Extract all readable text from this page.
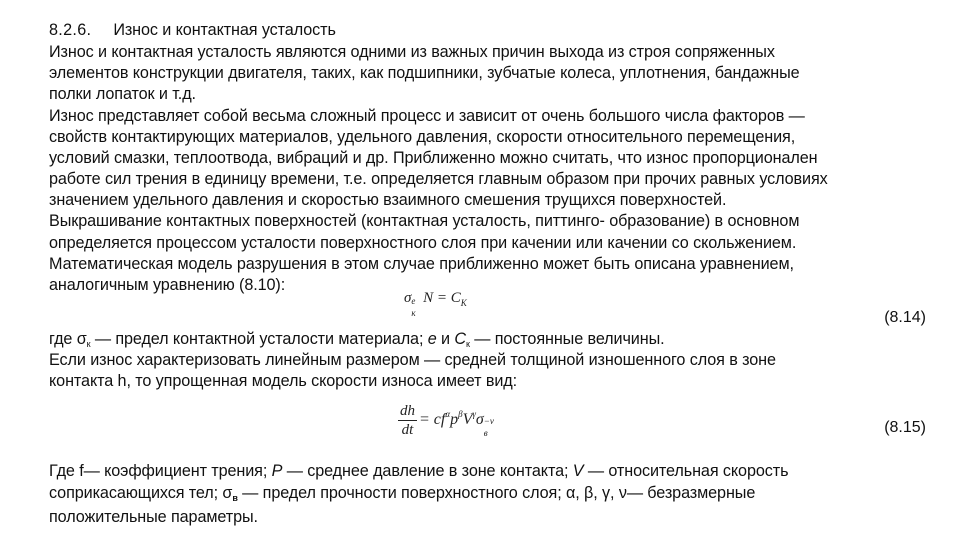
8.2.6. Износ и контактная усталость
Износ и контактная усталость являются одними из важных причин выхода из строя сопряженных
элементов конструкции двигателя, таких, как подшипники, зубчатые колеса, уплотнения, бандажные
полки лопаток и т.д.
Износ представляет собой весьма сложный процесс и зависит от очень большого числа факторов —
свойств контактирующих материалов, удельного давления, скорости относительного перемещения,
условий смазки, теплоотвода, вибраций и др. Приближенно можно считать, что износ пропорционален
работе сил трения в единицу времени, т.е. определяется главным образом при прочих равных условиях
значением удельного давления и скоростью взаимного смешения трущихся поверхностей.
Выкрашивание контактных поверхностей (контактная усталость, питтинго- образование) в основном
определяется процессом усталости поверхностного слоя при качении или качении со скольжением.
Математическая модель разрушения в этом случае приближенно может быть описана уравнением,
аналогичным уравнению (8.10):
σ e
к
$N = C_К$
(8.14)
где σк — предел контактной усталости материала; e и Cк — постоянные величины.
Если износ характеризовать линейным размером — средней толщиной изношенного слоя в зоне
контакта h, то упрощенная модель скорости износа имеет вид:
$\frac{dh}{dt} = cf^\alpha p^\beta V^\gamma\sigma -\nu$
в	(8.15)
Где f— коэффициент трения; P — среднее давление в зоне контакта; V — относительная скорость
соприкасающихся тел; σв — предел прочности поверхностного слоя; α, β, γ, ν— безразмерные
положительные параметры.
